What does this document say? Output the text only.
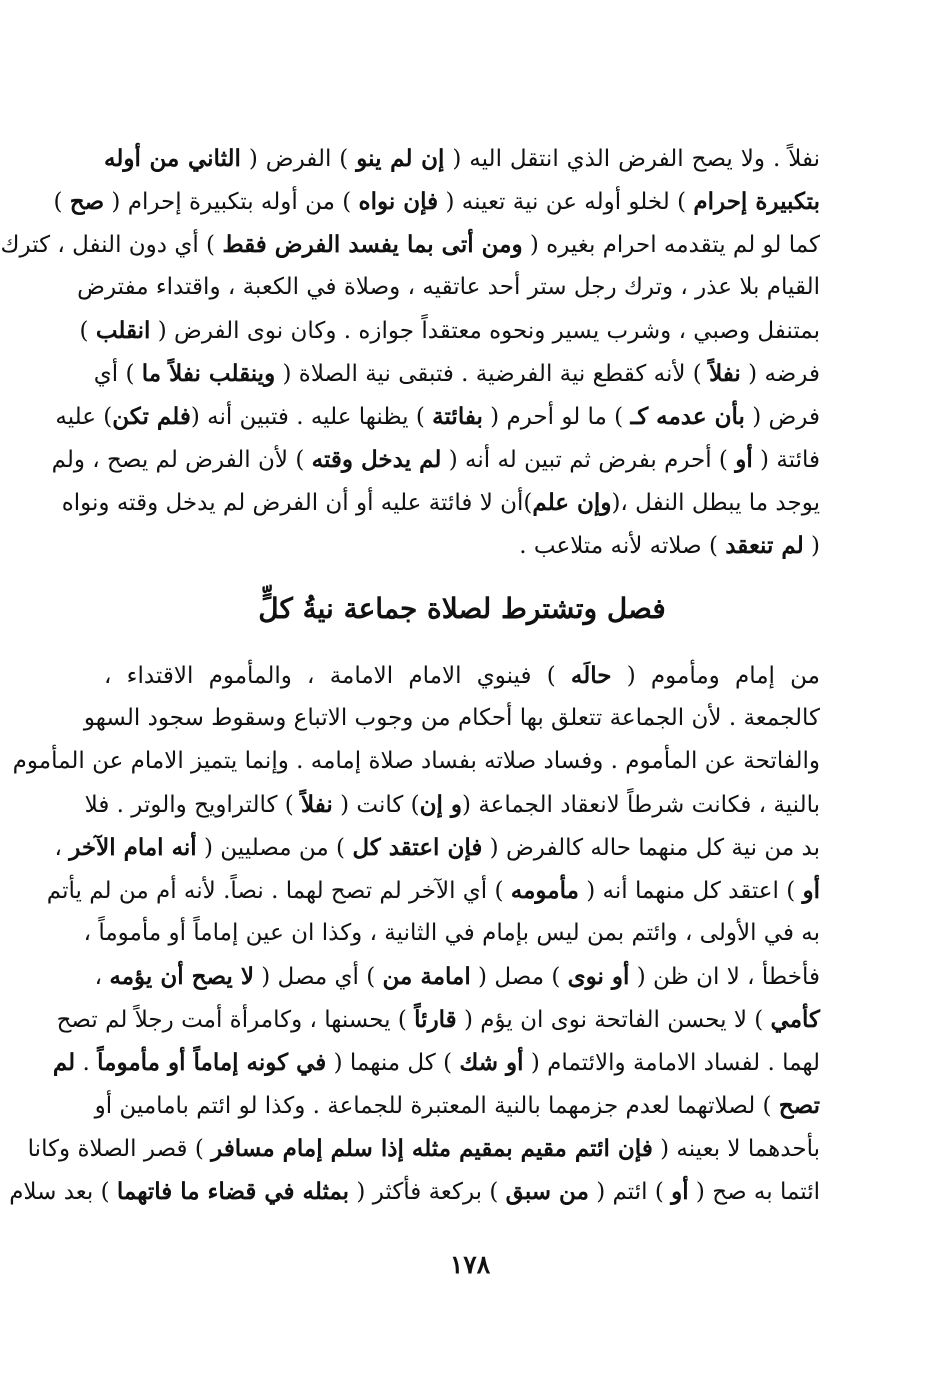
نفلاً . ولا يصح الفرض الذي انتقل اليه ( إن لم ينو ) الفرض ( الثاني من أوله
بتكبيرة إحرام ) لخلو أوله عن نية تعينه ( فإن نواه ) من أوله بتكبيرة إحرام ( صح )
كما لو لم يتقدمه احرام بغيره ( ومن أتى بما يفسد الفرض فقط ) أي دون النفل ، كترك
القيام بلا عذر ، وترك رجل ستر أحد عاتقيه ، وصلاة في الكعبة ، واقتداء مفترض
بمتنفل وصبي ، وشرب يسير ونحوه معتقداً جوازه . وكان نوى الفرض ( انقلب )
فرضه ( نفلاً ) لأنه كقطع نية الفرضية . فتبقى نية الصلاة ( وينقلب نفلاً ما ) أي
فرض ( بأن عدمه كـ ) ما لو أحرم ( بفائتة ) يظنها عليه . فتبين أنه (فلم تكن) عليه
فائتة ( أو ) أحرم بفرض ثم تبين له أنه ( لم يدخل وقته ) لأن الفرض لم يصح ، ولم
يوجد ما يبطل النفل ،(وإن علم)أن لا فائتة عليه أو أن الفرض لم يدخل وقته ونواه
( لم تنعقد ) صلاته لأنه متلاعب .
فصل وتشترط لصلاة جماعة نيةُ كلٍّ
من إمام ومأموم ( حالَه ) فينوي الامام الامامة ، والمأموم الاقتداء ،
كالجمعة . لأن الجماعة تتعلق بها أحكام من وجوب الاتباع وسقوط سجود السهو
والفاتحة عن المأموم . وفساد صلاته بفساد صلاة إمامه . وإنما يتميز الامام عن المأموم
بالنية ، فكانت شرطاً لانعقاد الجماعة (و إن) كانت ( نفلاً ) كالتراويح والوتر . فلا
بد من نية كل منهما حاله كالفرض ( فإن اعتقد كل ) من مصليين ( أنه امام الآخر ،
أو ) اعتقد كل منهما أنه ( مأمومه ) أي الآخر لم تصح لهما . نصاً. لأنه أم من لم يأتم
به في الأولى ، وائتم بمن ليس بإمام في الثانية ، وكذا ان عين إماماً أو مأموماً ،
فأخطأ ، لا ان ظن ( أو نوى ) مصل ( امامة من ) أي مصل ( لا يصح أن يؤمه ،
كأمي ) لا يحسن الفاتحة نوى ان يؤم ( قارئاً ) يحسنها ، وكامرأة أمت رجلاً لم تصح
لهما . لفساد الامامة والائتمام ( أو شك ) كل منهما ( في كونه إماماً أو مأموماً . لم
تصح ) لصلاتهما لعدم جزمهما بالنية المعتبرة للجماعة . وكذا لو ائتم بامامين أو
بأحدهما لا بعينه ( فإن ائتم مقيم بمقيم مثله إذا سلم إمام مسافر ) قصر الصلاة وكانا
ائتما به صح ( أو ) ائتم ( من سبق ) بركعة فأكثر ( بمثله في قضاء ما فاتهما ) بعد سلام
١٧٨
